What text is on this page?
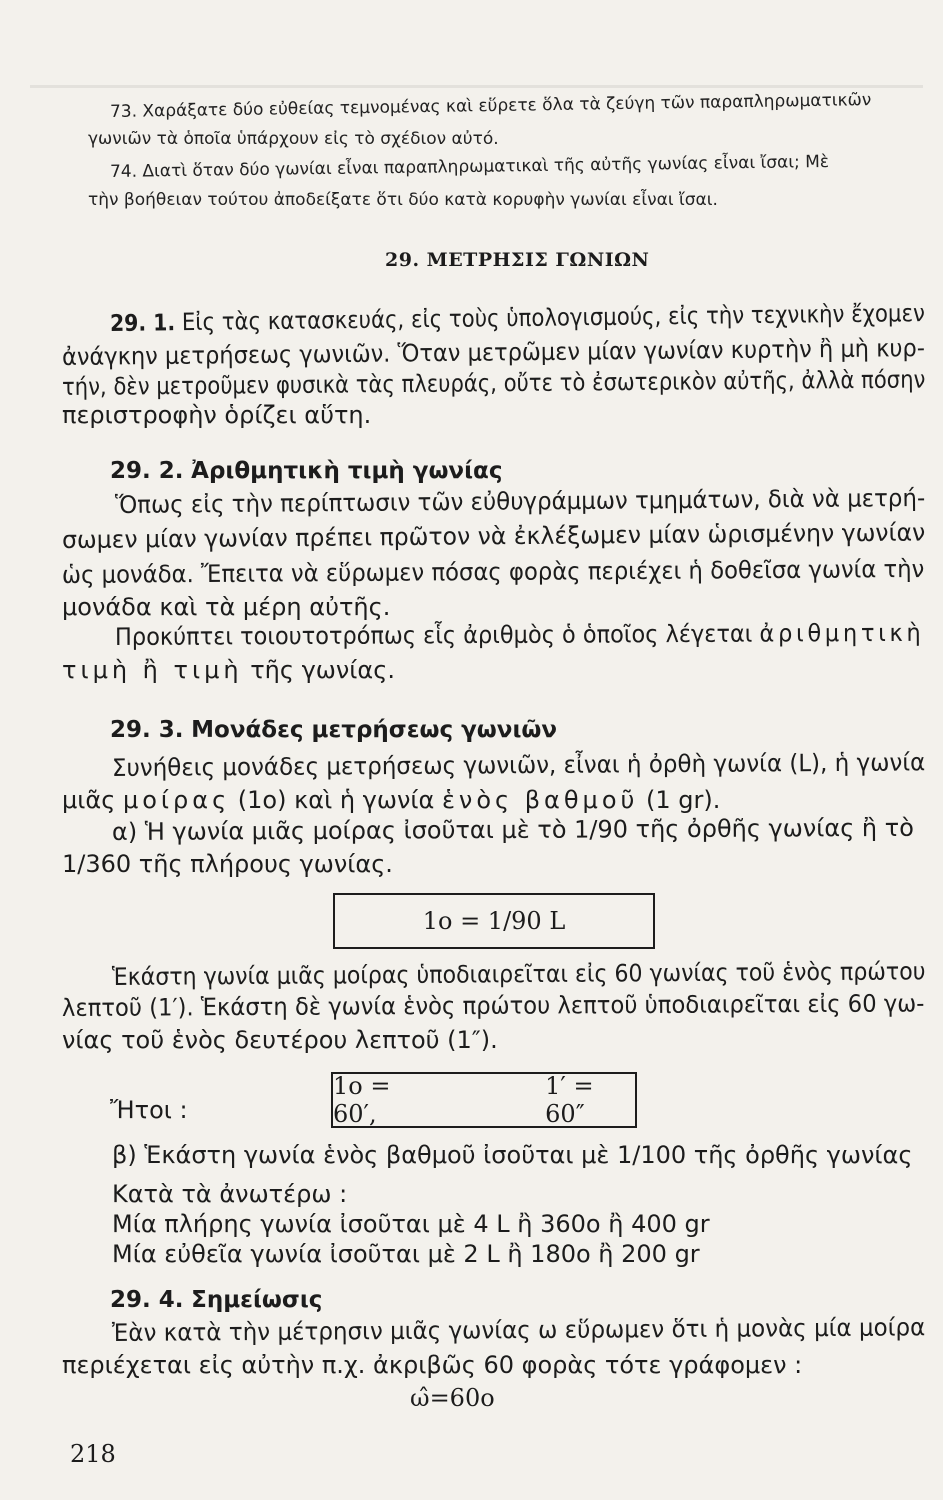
73. Χαράξατε δύο εὐθείας τεμνομένας καὶ εὕρετε ὅλα τὰ ζεύγη τῶν παραπληρωματικῶν
γωνιῶν τὰ ὁποῖα ὑπάρχουν εἰς τὸ σχέδιον αὐτό.
74. Διατὶ ὅταν δύο γωνίαι εἶναι παραπληρωματικαὶ τῆς αὐτῆς γωνίας εἶναι ἴσαι; Μὲ
τὴν βοήθειαν τούτου ἀποδείξατε ὅτι δύο κατὰ κορυφὴν γωνίαι εἶναι ἴσαι.
29. ΜΕΤΡΗΣΙΣ ΓΩΝΙΩΝ
29. 1. Εἰς τὰς κατασκευάς, εἰς τοὺς ὑπολογισμούς, εἰς τὴν τεχνικὴν ἔχομεν
ἀνάγκην μετρήσεως γωνιῶν. Ὅταν μετρῶμεν μίαν γωνίαν κυρτὴν ἢ μὴ κυρ-
τήν, δὲν μετροῦμεν φυσικὰ τὰς πλευράς, οὔτε τὸ ἐσωτερικὸν αὐτῆς, ἀλλὰ πόσην
περιστροφὴν ὁρίζει αὕτη.
29. 2. Ἀριθμητικὴ τιμὴ γωνίας
Ὅπως εἰς τὴν περίπτωσιν τῶν εὐθυγράμμων τμημάτων, διὰ νὰ μετρή-
σωμεν μίαν γωνίαν πρέπει πρῶτον νὰ ἐκλέξωμεν μίαν ὡρισμένην γωνίαν
ὡς μονάδα. Ἔπειτα νὰ εὕρωμεν πόσας φορὰς περιέχει ἡ δοθεῖσα γωνία τὴν
μονάδα καὶ τὰ μέρη αὐτῆς.
Προκύπτει τοιουτοτρόπως εἷς ἀριθμὸς ὁ ὁποῖος λέγεται ἀριθμητικὴ
τιμὴ ἢ τιμὴ τῆς γωνίας.
29. 3. Μονάδες μετρήσεως γωνιῶν
Συνήθεις μονάδες μετρήσεως γωνιῶν, εἶναι ἡ ὀρθὴ γωνία (L), ἡ γωνία
μιᾶς μοίρας (1ο) καὶ ἡ γωνία ἑνὸς βαθμοῦ (1 gr).
α) Ἡ γωνία μιᾶς μοίρας ἰσοῦται μὲ τὸ 1/90 τῆς ὀρθῆς γωνίας ἢ τὸ
1/360 τῆς πλήρους γωνίας.
1ο = 1/90 L
Ἑκάστη γωνία μιᾶς μοίρας ὑποδιαιρεῖται εἰς 60 γωνίας τοῦ ἑνὸς πρώτου
λεπτοῦ (1′). Ἑκάστη δὲ γωνία ἑνὸς πρώτου λεπτοῦ ὑποδιαιρεῖται εἰς 60 γω-
νίας τοῦ ἑνὸς δευτέρου λεπτοῦ (1″).
Ἤτοι :
1ο = 60′,
1′ = 60″
β) Ἑκάστη γωνία ἑνὸς βαθμοῦ ἰσοῦται μὲ 1/100 τῆς ὀρθῆς γωνίας
Κατὰ τὰ ἀνωτέρω :
Μία πλήρης γωνία ἰσοῦται μὲ 4 L ἢ 360ο ἢ 400 gr
Μία εὐθεῖα γωνία ἰσοῦται μὲ 2 L ἢ 180ο ἢ 200 gr
29. 4. Σημείωσις
Ἐὰν κατὰ τὴν μέτρησιν μιᾶς γωνίας ω εὕρωμεν ὅτι ἡ μονὰς μία μοίρα
περιέχεται εἰς αὐτὴν π.χ. ἀκριβῶς 60 φορὰς τότε γράφομεν :
ω̂=60ο
218
